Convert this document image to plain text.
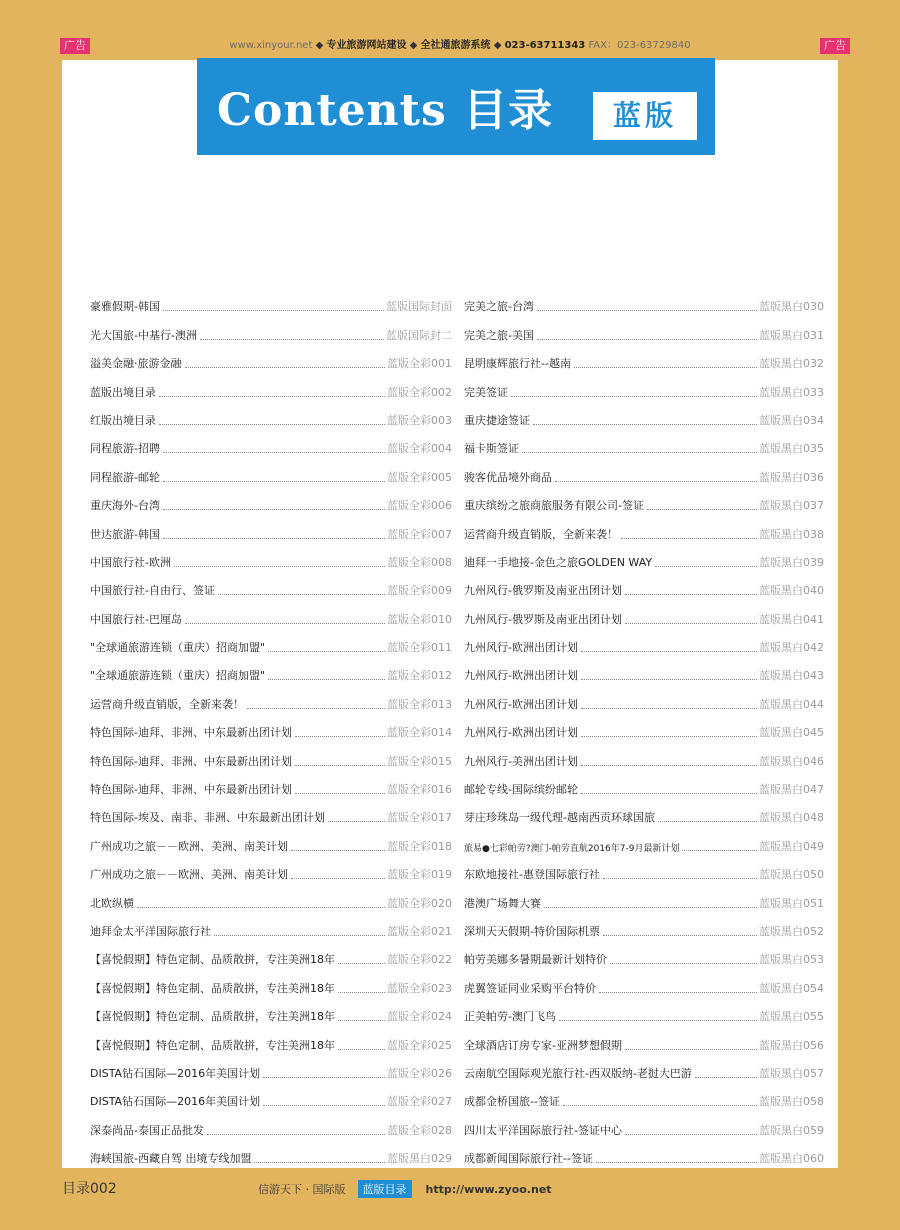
广告	www.xinyour.net ◆ 专业旅游网站建设 ◆ 全社通旅游系统 ◆ 023-63711343 FAX：023-63729840	广告
Contents 目录	蓝版
豪雅假期-韩国	蓝版国际封面
光大国旅-中基行-澳洲	蓝版国际封二
溢美金融·旅游金融	蓝版全彩001
蓝版出境目录	蓝版全彩002
红版出境目录	蓝版全彩003
同程旅游-招聘	蓝版全彩004
同程旅游-邮轮	蓝版全彩005
重庆海外-台湾	蓝版全彩006
世达旅游-韩国	蓝版全彩007
中国旅行社-欧洲	蓝版全彩008
中国旅行社-自由行、签证	蓝版全彩009
中国旅行社-巴厘岛	蓝版全彩010
"全球通旅游连锁（重庆）招商加盟"	蓝版全彩011
"全球通旅游连锁（重庆）招商加盟"	蓝版全彩012
运营商升级直销版，全新来袭！	蓝版全彩013
特色国际-迪拜、非洲、中东最新出团计划	蓝版全彩014
特色国际-迪拜、非洲、中东最新出团计划	蓝版全彩015
特色国际-迪拜、非洲、中东最新出团计划	蓝版全彩016
特色国际-埃及、南非、非洲、中东最新出团计划	蓝版全彩017
广州成功之旅－－欧洲、美洲、南美计划	蓝版全彩018
广州成功之旅－－欧洲、美洲、南美计划	蓝版全彩019
北欧纵横	蓝版全彩020
迪拜金太平洋国际旅行社	蓝版全彩021
【喜悦假期】特色定制、品质散拼，专注美洲18年	蓝版全彩022
【喜悦假期】特色定制、品质散拼，专注美洲18年	蓝版全彩023
【喜悦假期】特色定制、品质散拼，专注美洲18年	蓝版全彩024
【喜悦假期】特色定制、品质散拼，专注美洲18年	蓝版全彩025
DISTA钻石国际—2016年美国计划	蓝版全彩026
DISTA钻石国际—2016年美国计划	蓝版全彩027
深泰尚品-泰国正品批发	蓝版全彩028
海峡国旅-西藏自驾 出境专线加盟	蓝版黑白029
完美之旅-台湾	蓝版黑白030
完美之旅-美国	蓝版黑白031
昆明康辉旅行社--越南	蓝版黑白032
完美签证	蓝版黑白033
重庆捷途签证	蓝版黑白034
福卡斯签证	蓝版黑白035
骏客优品境外商品	蓝版黑白036
重庆缤纷之旅商旅服务有限公司-签证	蓝版黑白037
运营商升级直销版，全新来袭！	蓝版黑白038
迪拜一手地接-金色之旅GOLDEN WAY	蓝版黑白039
九州风行-俄罗斯及南亚出团计划	蓝版黑白040
九州风行-俄罗斯及南亚出团计划	蓝版黑白041
九州风行-欧洲出团计划	蓝版黑白042
九州风行-欧洲出团计划	蓝版黑白043
九州风行-欧洲出团计划	蓝版黑白044
九州风行-欧洲出团计划	蓝版黑白045
九州风行-美洲出团计划	蓝版黑白046
邮轮专线-国际缤纷邮轮	蓝版黑白047
芽庄珍珠岛一级代理-越南西贡环球国旅	蓝版黑白048
旅易●七彩帕劳?澳门-帕劳直航2016年7-9月最新计划	蓝版黑白049
东欧地接社-惠登国际旅行社	蓝版黑白050
港澳广场舞大赛	蓝版黑白051
深圳天天假期-特价国际机票	蓝版黑白052
帕劳美娜多暑期最新计划特价	蓝版黑白053
虎翼签证同业采购平台特价	蓝版黑白054
正美帕劳-澳门飞鸟	蓝版黑白055
全球酒店订房专家-亚洲梦想假期	蓝版黑白056
云南航空国际观光旅行社-西双版纳-老挝大巴游	蓝版黑白057
成都金桥国旅--签证	蓝版黑白058
四川太平洋国际旅行社-签证中心	蓝版黑白059
成都新闻国际旅行社--签证	蓝版黑白060
目录002	信游天下 · 国际版	蓝版目录	http://www.zyoo.net
